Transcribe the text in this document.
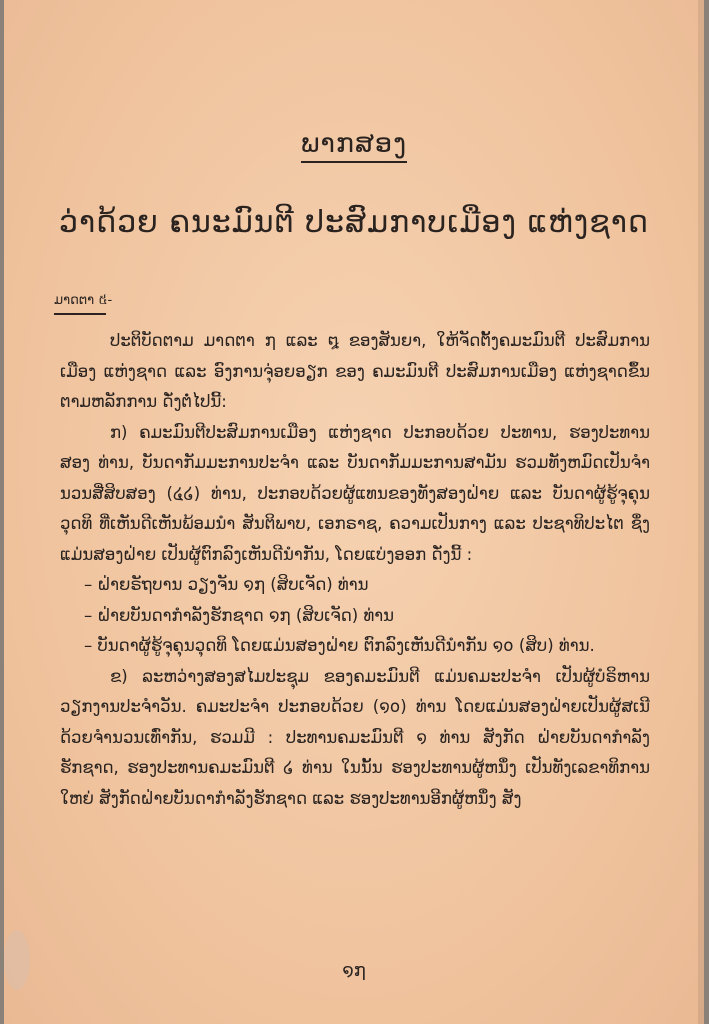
ພາກສອງ
ວ່າດ້ວຍ ຄນະມົນຕີ ປະສົມກາບເມືອງ ແຫ່ງຊາດ
ມາດຕາ ៥-

ປະຕິບັດຕາມ ມາດຕາ ໗ ແລະ ໘ ຂອງສັນຍາ, ໃຫ້ຈັດຕັ້ງຄມະມົນຕີ ປະສົມການເມືອງ ແຫ່ງຊາດ ແລະ ອົງການຈຸ່ອຍອຽກ ຂອງ ຄມະມົນຕີ ປະສົມການເມືອງ ແຫ່ງຊາດຂຶ້ນຕາມຫລັກການ ດັ່ງຕໍ່ໄປນີ້:

ກ) ຄມະມົນຕີປະສົມການເມືອງ ແຫ່ງຊາດ ປະກອບດ້ວຍ ປະທານ, ຮອງປະທານ ສອງ ທ່ານ, ບັນດາກັມມະການປະຈໍາ ແລະ ບັນດາກັມມະການສາມັນ ຮວມທັງຫມົດເປັນຈໍານວນສີ່ສິບສອງ (໔໒) ທ່ານ, ປະກອບດ້ວຍຜູ້ແທນຂອງທັງສອງຝ່າຍ ແລະ ບັນດາຜູ້ຮູ້ຈຸຄຸນວຸດທິ ທີ່ເຫັນດີເຫັນພ້ອມນໍາ ສັນຕິພາບ, ເອກຣາຊ, ຄວາມເປັນກາງ ແລະ ປະຊາທິປະໄຕ ຊຶ່ງແມ່ນສອງຝ່າຍ ເປັນຜູ້ຕົກລົງເຫັນດີນໍາກັນ, ໂດຍແບ່ງອອກ ດັ່ງນີ້ :

– ຝ່າຍຣັຖບານ ວຽງຈັນ ໑໗ (ສິບເຈັດ) ທ່ານ

– ຝ່າຍບັນດາກໍາລັງຮັກຊາດ ໑໗ (ສິບເຈັດ) ທ່ານ

– ບັນດາຜູ້ຮູ້ຈຸຄຸນວຸດທິ ໂດຍແມ່ນສອງຝ່າຍ ຕົກລົງເຫັນດີນໍາກັນ ໑໐ (ສິບ) ທ່ານ.

ຂ) ລະຫວ່າງສອງສໄມປະຊຸມ ຂອງຄມະມົນຕີ ແມ່ນຄມະປະຈໍາ ເປັນຜູ້ບໍຣິຫານວຽກງານປະຈໍາວັນ. ຄມະປະຈໍາ ປະກອບດ້ວຍ (໑໐) ທ່ານ ໂດຍແມ່ນສອງຝ່າຍເປັນຜູ້ສເນີ ດ້ວຍຈໍານວນເທົ່າກັນ, ຮວມມີ : ປະທານຄມະມົນຕີ ໑ ທ່ານ ສັງກັດ ຝ່າຍບັນດາກໍາລັງຮັກຊາດ, ຮອງປະທານຄມະມົນຕີ ໒ ທ່ານ ໃນນັ້ນ ຮອງປະທານຜູ້ຫນຶ່ງ ເປັນທັງເລຂາທິການໃຫຍ່ ສັງກັດຝ່າຍບັນດາກໍາລັງຮັກຊາດ ແລະ ຮອງປະທານອີກຜູ້ຫນຶ່ງ ສັງ

໑໗
